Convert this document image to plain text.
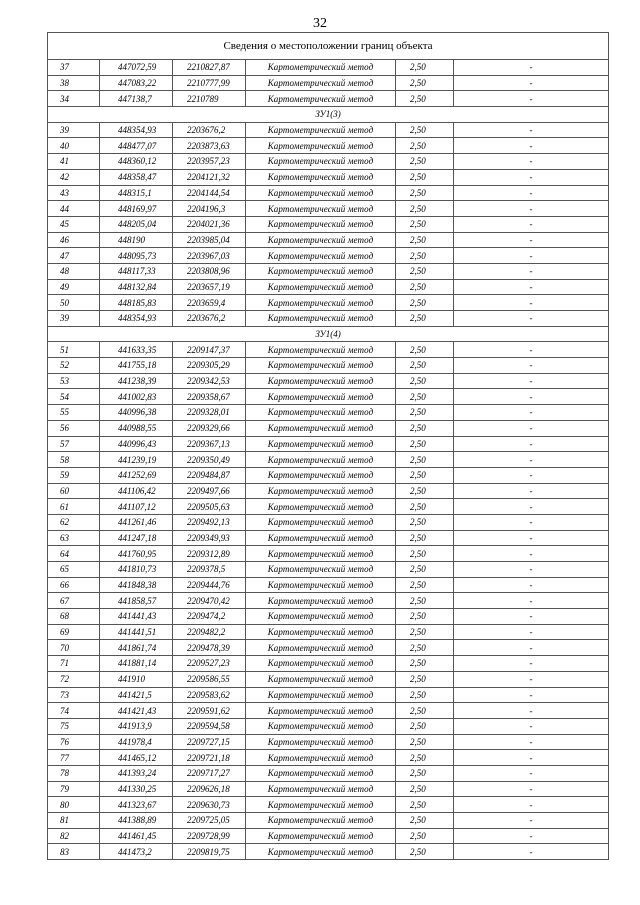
32
Сведения о местоположении границ объекта					
37	447072,59	2210827,87	Картометрический метод	2,50	-
38	447083,22	2210777,99	Картометрический метод	2,50	-
34	447138,7	2210789	Картометрический метод	2,50	-
ЗУ1(3)					
39	448354,93	2203676,2	Картометрический метод	2,50	-
40	448477,07	2203873,63	Картометрический метод	2,50	-
41	448360,12	2203957,23	Картометрический метод	2,50	-
42	448358,47	2204121,32	Картометрический метод	2,50	-
43	448315,1	2204144,54	Картометрический метод	2,50	-
44	448169,97	2204196,3	Картометрический метод	2,50	-
45	448205,04	2204021,36	Картометрический метод	2,50	-
46	448190	2203985,04	Картометрический метод	2,50	-
47	448095,73	2203967,03	Картометрический метод	2,50	-
48	448117,33	2203808,96	Картометрический метод	2,50	-
49	448132,84	2203657,19	Картометрический метод	2,50	-
50	448185,83	2203659,4	Картометрический метод	2,50	-
39	448354,93	2203676,2	Картометрический метод	2,50	-
ЗУ1(4)					
51	441633,35	2209147,37	Картометрический метод	2,50	-
52	441755,18	2209305,29	Картометрический метод	2,50	-
53	441238,39	2209342,53	Картометрический метод	2,50	-
54	441002,83	2209358,67	Картометрический метод	2,50	-
55	440996,38	2209328,01	Картометрический метод	2,50	-
56	440988,55	2209329,66	Картометрический метод	2,50	-
57	440996,43	2209367,13	Картометрический метод	2,50	-
58	441239,19	2209350,49	Картометрический метод	2,50	-
59	441252,69	2209484,87	Картометрический метод	2,50	-
60	441106,42	2209497,66	Картометрический метод	2,50	-
61	441107,12	2209505,63	Картометрический метод	2,50	-
62	441261,46	2209492,13	Картометрический метод	2,50	-
63	441247,18	2209349,93	Картометрический метод	2,50	-
64	441760,95	2209312,89	Картометрический метод	2,50	-
65	441810,73	2209378,5	Картометрический метод	2,50	-
66	441848,38	2209444,76	Картометрический метод	2,50	-
67	441858,57	2209470,42	Картометрический метод	2,50	-
68	441441,43	2209474,2	Картометрический метод	2,50	-
69	441441,51	2209482,2	Картометрический метод	2,50	-
70	441861,74	2209478,39	Картометрический метод	2,50	-
71	441881,14	2209527,23	Картометрический метод	2,50	-
72	441910	2209586,55	Картометрический метод	2,50	-
73	441421,5	2209583,62	Картометрический метод	2,50	-
74	441421,43	2209591,62	Картометрический метод	2,50	-
75	441913,9	2209594,58	Картометрический метод	2,50	-
76	441978,4	2209727,15	Картометрический метод	2,50	-
77	441465,12	2209721,18	Картометрический метод	2,50	-
78	441393,24	2209717,27	Картометрический метод	2,50	-
79	441330,25	2209626,18	Картометрический метод	2,50	-
80	441323,67	2209630,73	Картометрический метод	2,50	-
81	441388,89	2209725,05	Картометрический метод	2,50	-
82	441461,45	2209728,99	Картометрический метод	2,50	-
83	441473,2	2209819,75	Картометрический метод	2,50	-
